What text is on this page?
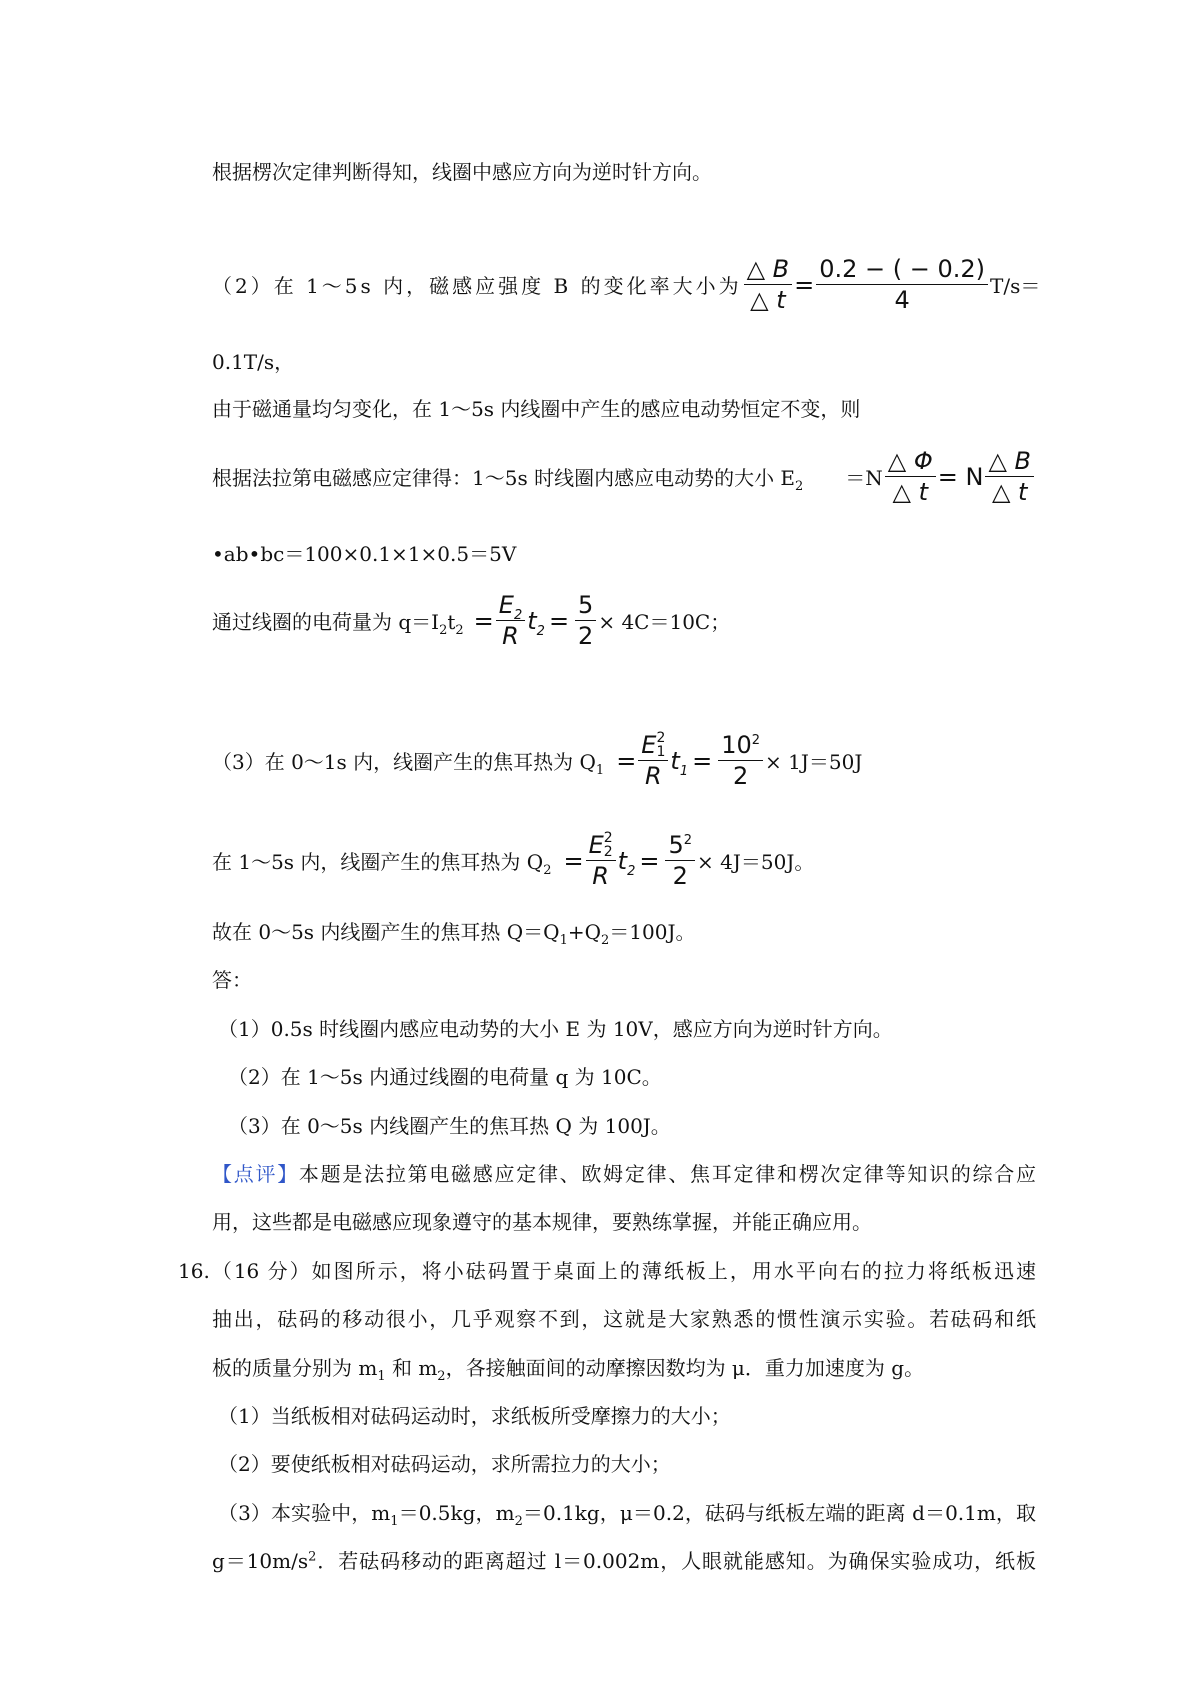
根据楞次定律判断得知，线圈中感应方向为逆时针方向。
（2）在 1～5s 内，磁感应强度 B 的变化率大小为 $\frac{\triangle B}{\triangle t} = \frac{0.2 - ( - 0.2)}{4} T/s=$
0.1T/s，
由于磁通量均匀变化，在 1～5s 内线圈中产生的感应电动势恒定不变，则
根据法拉第电磁感应定律得：1～5s 时线圈内感应电动势的大小 $E_2 =N \frac{\triangle \Phi}{\triangle t} = N \frac{\triangle B}{\triangle t}$
•ab•bc＝100×0.1×1×0.5＝5V
通过线圈的电荷量为 $q=I_2t_2 = \frac{E_2}{R} t_2 = \frac{5}{2} \times 4C=10C$；
（3）在 0～1s 内，线圈产生的焦耳热为 $Q_1 = E$ 2
1
R $t_1 = \frac{10^2}{2} \times 1J=50J$
在 1～5s 内，线圈产生的焦耳热为 $Q_2 = E$ 2
2
R $t_2 = \frac{5^2}{2} \times 4J=50J$。
故在 0～5s 内线圈产生的焦耳热 $Q=Q_1+Q_2=100J$。
答：
（1）0.5s 时线圈内感应电动势的大小 E 为 10V，感应方向为逆时针方向。
（2）在 1～5s 内通过线圈的电荷量 q 为 10C。
（3）在 0～5s 内线圈产生的焦耳热 Q 为 100J。
【点评】本题是法拉第电磁感应定律、欧姆定律、焦耳定律和楞次定律等知识的综合应
用，这些都是电磁感应现象遵守的基本规律，要熟练掌握，并能正确应用。
16.（16 分）如图所示，将小砝码置于桌面上的薄纸板上，用水平向右的拉力将纸板迅速
抽出，砝码的移动很小，几乎观察不到，这就是大家熟悉的惯性演示实验。若砝码和纸
板的质量分别为 $m_1$ 和 $m_2$，各接触面间的动摩擦因数均为 μ．重力加速度为 g。
（1）当纸板相对砝码运动时，求纸板所受摩擦力的大小；
（2）要使纸板相对砝码运动，求所需拉力的大小；
（3）本实验中，$m_1=0.5kg$，$m_2=0.1kg$，μ＝0.2，砝码与纸板左端的距离 d＝0.1m，取
$g=10m/s^2$．若砝码移动的距离超过 l＝0.002m，人眼就能感知。为确保实验成功，纸板
